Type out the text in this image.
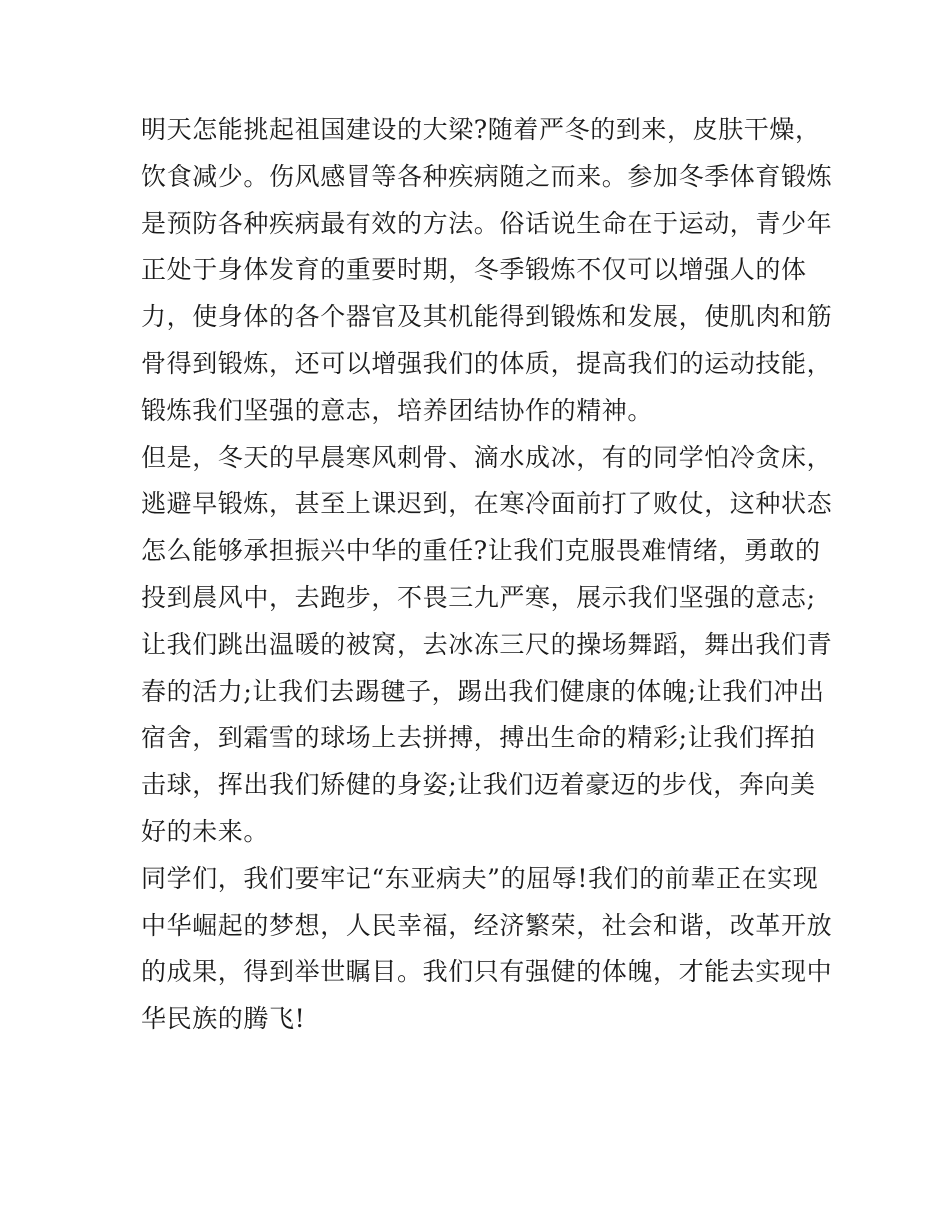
明天怎能挑起祖国建设的大梁?随着严冬的到来，皮肤干燥，
饮食减少。伤风感冒等各种疾病随之而来。参加冬季体育锻炼
是预防各种疾病最有效的方法。俗话说生命在于运动，青少年
正处于身体发育的重要时期，冬季锻炼不仅可以增强人的体
力，使身体的各个器官及其机能得到锻炼和发展，使肌肉和筋
骨得到锻炼，还可以增强我们的体质，提高我们的运动技能，
锻炼我们坚强的意志，培养团结协作的精神。
但是，冬天的早晨寒风刺骨、滴水成冰，有的同学怕冷贪床，
逃避早锻炼，甚至上课迟到，在寒冷面前打了败仗，这种状态
怎么能够承担振兴中华的重任?让我们克服畏难情绪，勇敢的
投到晨风中，去跑步，不畏三九严寒，展示我们坚强的意志;
让我们跳出温暖的被窝，去冰冻三尺的操场舞蹈，舞出我们青
春的活力;让我们去踢毽子，踢出我们健康的体魄;让我们冲出
宿舍，到霜雪的球场上去拼搏，搏出生命的精彩;让我们挥拍
击球，挥出我们矫健的身姿;让我们迈着豪迈的步伐，奔向美
好的未来。
同学们，我们要牢记“东亚病夫”的屈辱!我们的前辈正在实现
中华崛起的梦想，人民幸福，经济繁荣，社会和谐，改革开放
的成果，得到举世瞩目。我们只有强健的体魄，才能去实现中
华民族的腾飞!
